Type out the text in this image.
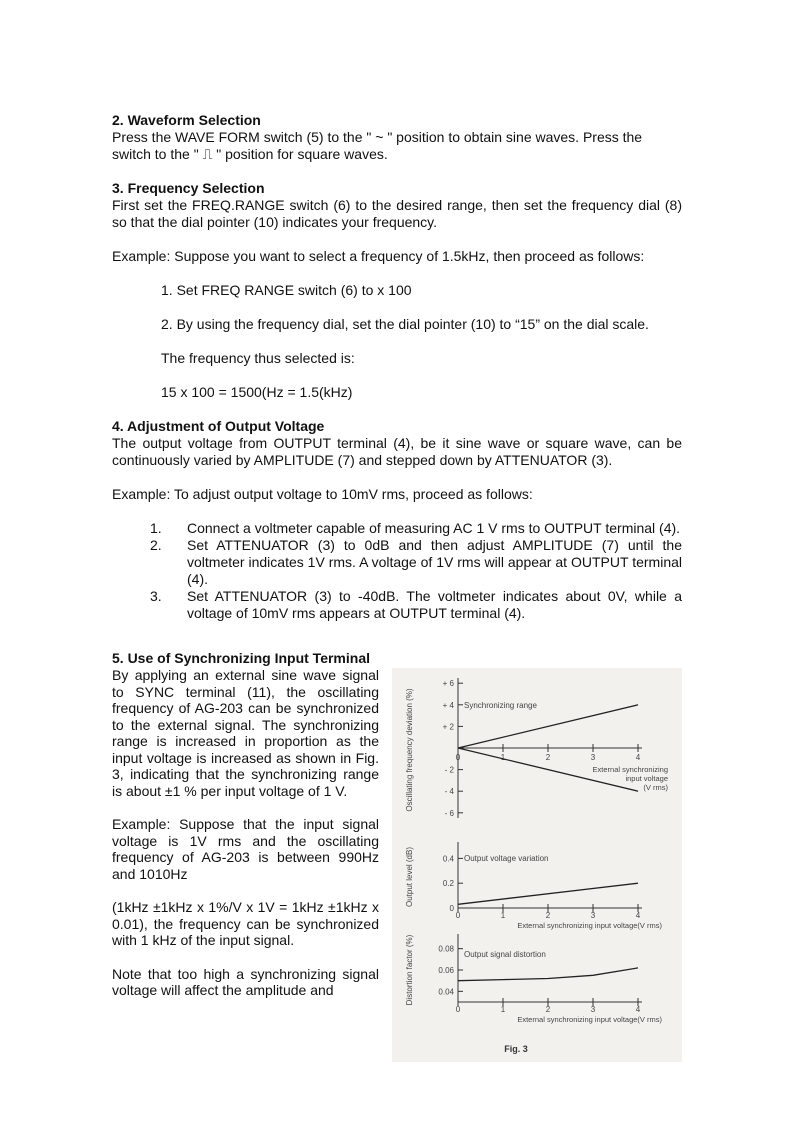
2. Waveform Selection

Press the WAVE FORM switch (5) to the " ~ " position to obtain sine waves. Press the

switch to the " ⎍ " position for square waves.

3. Frequency Selection

First set the FREQ.RANGE switch (6) to the desired range, then set the frequency dial (8) so that the dial pointer (10) indicates your frequency.

Example: Suppose you want to select a frequency of 1.5kHz, then proceed as follows:

1. Set FREQ RANGE switch (6) to x 100

2. By using the frequency dial, set the dial pointer (10) to “15” on the dial scale.

The frequency thus selected is:

15 x 100 = 1500(Hz = 1.5(kHz)

4. Adjustment of Output Voltage

The output voltage from OUTPUT terminal (4), be it sine wave or square wave, can be continuously varied by AMPLITUDE (7) and stepped down by ATTENUATOR (3).

Example: To adjust output voltage to 10mV rms, proceed as follows:

1.	Connect a voltmeter capable of measuring AC 1 V rms to OUTPUT terminal (4).
2.	Set ATTENUATOR (3) to 0dB and then adjust AMPLITUDE (7) until the voltmeter indicates 1V rms. A voltage of 1V rms will appear at OUTPUT terminal (4).
3.	Set ATTENUATOR (3) to -40dB. The voltmeter indicates about 0V, while a voltage of 10mV rms appears at OUTPUT terminal (4).
5. Use of Synchronizing Input Terminal

By applying an external sine wave signal to SYNC terminal (11), the oscillating frequency of AG-203 can be synchronized to the external signal. The synchronizing range is increased in proportion as the input voltage is increased as shown in Fig. 3, indicating that the synchronizing range is about ±1 % per input voltage of 1 V.

Example: Suppose that the input signal voltage is 1V rms and the oscillating frequency of AG-203 is between 990Hz and 1010Hz

(1kHz ±1kHz x 1%/V x 1V = 1kHz ±1kHz x 0.01), the frequency can be synchronized with 1 kHz of the input signal.

Note that too high a synchronizing signal voltage will affect the amplitude and

+ 6
+ 4
+ 2
- 2
- 4
- 6
0	1	2	3	4
Synchronizing range
Oscillating frequency deviation (%)	External synchronizing
input voltage
(V rms)
0.4
0.2
0
0	1	2	3	4
Output voltage variation
Output level (dB)
External synchronizing input voltage(V rms)
0.08
0.06
0.04
0	1	2	3	4
Output signal distortion
Distortion factor (%)
External synchronizing input voltage(V rms)
Fig. 3
